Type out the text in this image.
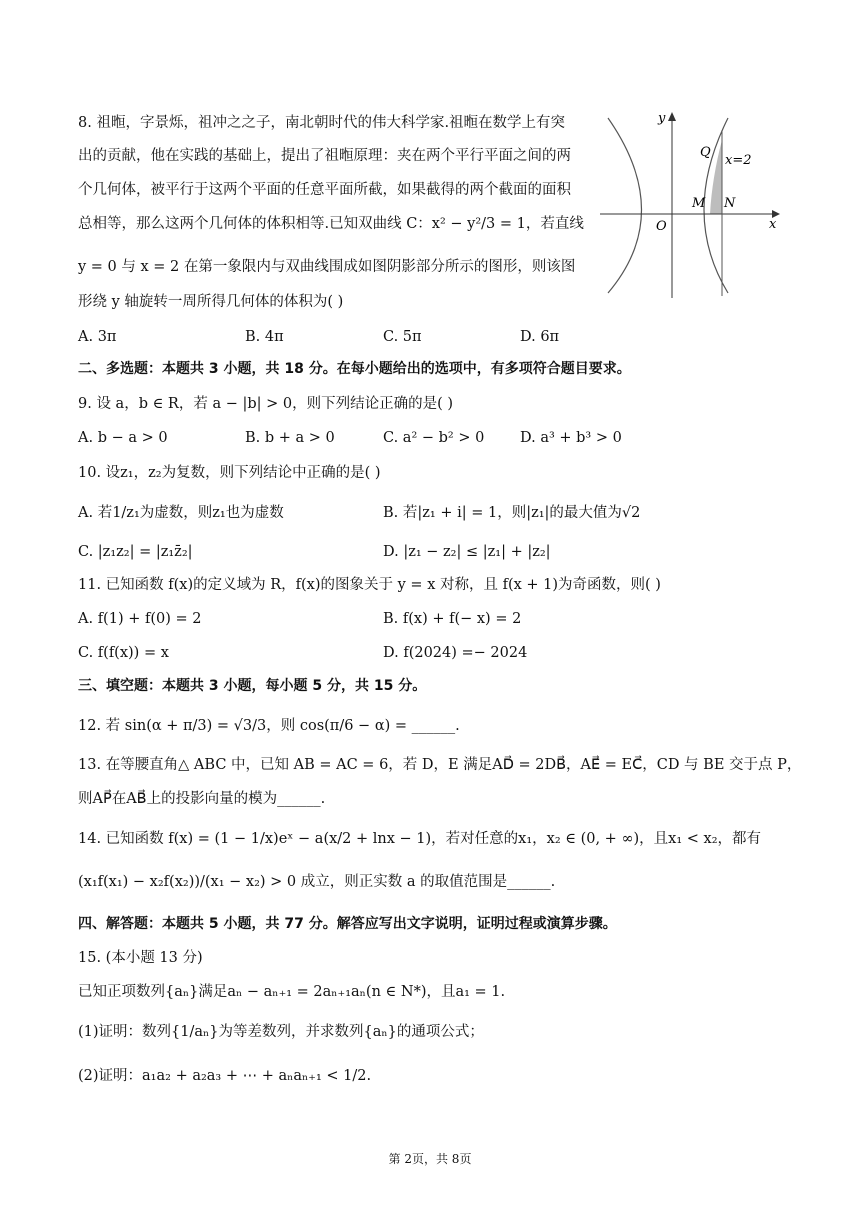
8. 祖暅，字景烁，祖冲之之子，南北朝时代的伟大科学家.祖暅在数学上有突
出的贡献，他在实践的基础上，提出了祖暅原理：夹在两个平行平面之间的两
个几何体，被平行于这两个平面的任意平面所截，如果截得的两个截面的面积
总相等，那么这两个几何体的体积相等.已知双曲线 C：x² − y²/3 = 1，若直线
y = 0 与 x = 2 在第一象限内与双曲线围成如图阴影部分所示的图形，则该图
形绕 y 轴旋转一周所得几何体的体积为( )
y
x
O
Q
x=2
M N
A. 3π	B. 4π	C. 5π	D. 6π
二、多选题：本题共 3 小题，共 18 分。在每小题给出的选项中，有多项符合题目要求。
9. 设 a，b ∈ R，若 a − |b| > 0，则下列结论正确的是( )
A. b − a > 0	B. b + a > 0	C. a² − b² > 0 D. a³ + b³ > 0
10. 设z₁，z₂为复数，则下列结论中正确的是( )
A. 若1/z₁为虚数，则z₁也为虚数	B. 若|z₁ + i| = 1，则|z₁|的最大值为√2
C. |z₁z₂| = |z₁z̄₂|	D. |z₁ − z₂| ≤ |z₁| + |z₂|
11. 已知函数 f(x)的定义域为 R，f(x)的图象关于 y = x 对称，且 f(x + 1)为奇函数，则( )
A. f(1) + f(0) = 2	B. f(x) + f(− x) = 2
C. f(f(x)) = x	D. f(2024) =− 2024
三、填空题：本题共 3 小题，每小题 5 分，共 15 分。
12. 若 sin(α + π/3) = √3/3，则 cos(π/6 − α) = ______.
13. 在等腰直角△ ABC 中，已知 AB = AC = 6，若 D，E 满足AD⃗ = 2DB⃗，AE⃗ = EC⃗，CD 与 BE 交于点 P，
则AP⃗在AB⃗上的投影向量的模为______.
14. 已知函数 f(x) = (1 − 1/x)eˣ − a(x/2 + lnx − 1)，若对任意的x₁，x₂ ∈ (0, + ∞)，且x₁ < x₂，都有
(x₁f(x₁) − x₂f(x₂))/(x₁ − x₂) > 0 成立，则正实数 a 的取值范围是______.
四、解答题：本题共 5 小题，共 77 分。解答应写出文字说明，证明过程或演算步骤。
15. (本小题 13 分)
已知正项数列{aₙ}满足aₙ − aₙ₊₁ = 2aₙ₊₁aₙ(n ∈ N*)，且a₁ = 1.
(1)证明：数列{1/aₙ}为等差数列，并求数列{aₙ}的通项公式；
(2)证明：a₁a₂ + a₂a₃ + ⋯ + aₙaₙ₊₁ < 1/2.
第 2页，共 8页
